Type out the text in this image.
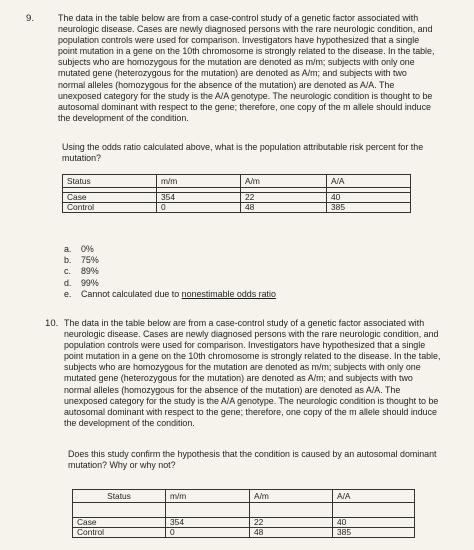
9.	The data in the table below are from a case-control study of a genetic factor associated with
neurologic disease. Cases are newly diagnosed persons with the rare neurologic condition, and
population controls were used for comparison. Investigators have hypothesized that a single
point mutation in a gene on the 10th chromosome is strongly related to the disease. In the table,
subjects who are homozygous for the mutation are denoted as m/m; subjects with only one
mutated gene (heterozygous for the mutation) are denoted as A/m; and subjects with two
normal alleles (homozygous for the absence of the mutation) are denoted as A/A. The
unexposed category for the study is the A/A genotype. The neurologic condition is thought to be
autosomal dominant with respect to the gene; therefore, one copy of the m allele should induce
the development of the condition.
Using the odds ratio calculated above, what is the population attributable risk percent for the
mutation?
Status	m/m	A/m	A/A

Case	354	22	40
Control	0	48	385
a. 0%
b. 75%
c. 89%
d. 99%
e. Cannot calculated due to nonestimable odds ratio
10. The data in the table below are from a case-control study of a genetic factor associated with
neurologic disease. Cases are newly diagnosed persons with the rare neurologic condition, and
population controls were used for comparison. Investigators have hypothesized that a single
point mutation in a gene on the 10th chromosome is strongly related to the disease. In the table,
subjects who are homozygous for the mutation are denoted as m/m; subjects with only one
mutated gene (heterozygous for the mutation) are denoted as A/m; and subjects with two
normal alleles (homozygous for the absence of the mutation) are denoted as A/A. The
unexposed category for the study is the A/A genotype. The neurologic condition is thought to be
autosomal dominant with respect to the gene; therefore, one copy of the m allele should induce
the development of the condition.
Does this study confirm the hypothesis that the condition is caused by an autosomal dominant
mutation? Why or why not?
Status	m/m	A/m	A/A

Case	354	22	40
Control	0	48	385
